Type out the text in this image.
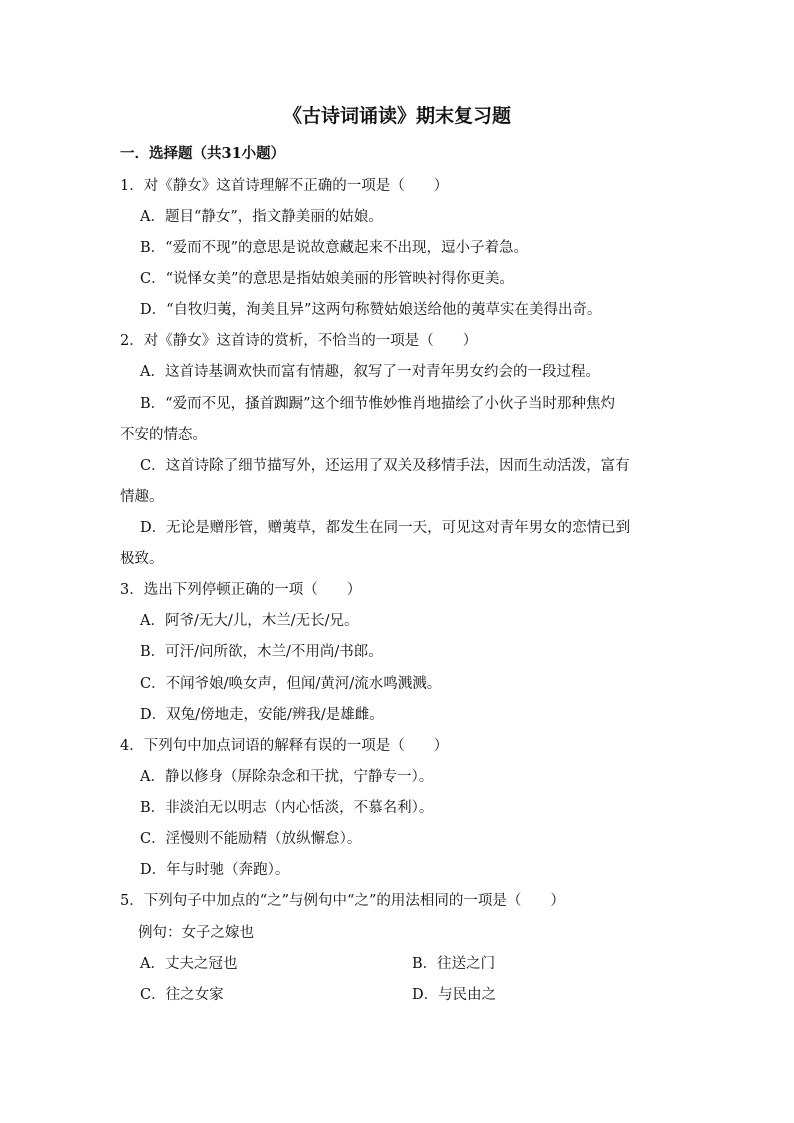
《古诗词诵读》期末复习题
一．选择题（共31小题）
1．对《静女》这首诗理解不正确的一项是（　　）
A．题目“静女”，指文静美丽的姑娘。
B．“爱而不现”的意思是说故意藏起来不出现，逗小子着急。
C．“说怿女美”的意思是指姑娘美丽的彤管映衬得你更美。
D．“自牧归荑，洵美且异”这两句称赞姑娘送给他的荑草实在美得出奇。
2．对《静女》这首诗的赏析，不恰当的一项是（　　）
A．这首诗基调欢快而富有情趣，叙写了一对青年男女约会的一段过程。
B．“爱而不见，搔首踟蹰”这个细节惟妙惟肖地描绘了小伙子当时那种焦灼
不安的情态。
C．这首诗除了细节描写外，还运用了双关及移情手法，因而生动活泼，富有
情趣。
D．无论是赠彤管，赠荑草，都发生在同一天，可见这对青年男女的恋情已到
极致。
3．选出下列停顿正确的一项（　　）
A．阿爷/无大/儿，木兰/无长/兄。
B．可汗/问所欲，木兰/不用尚/书郎。
C．不闻爷娘/唤女声，但闻/黄河/流水鸣溅溅。
D．双兔/傍地走，安能/辨我/是雄雌。
4．下列句中加点词语的解释有误的一项是（　　）
A．静以修身（屏除杂念和干扰，宁静专一）。
B．非淡泊无以明志（内心恬淡，不慕名利）。
C．淫慢则不能励精（放纵懈怠）。
D．年与时驰（奔跑）。
5．下列句子中加点的“之”与例句中“之”的用法相同的一项是（　　）
例句：女子之嫁也
A．丈夫之冠也	B．往送之门
C．往之女家	D．与民由之
